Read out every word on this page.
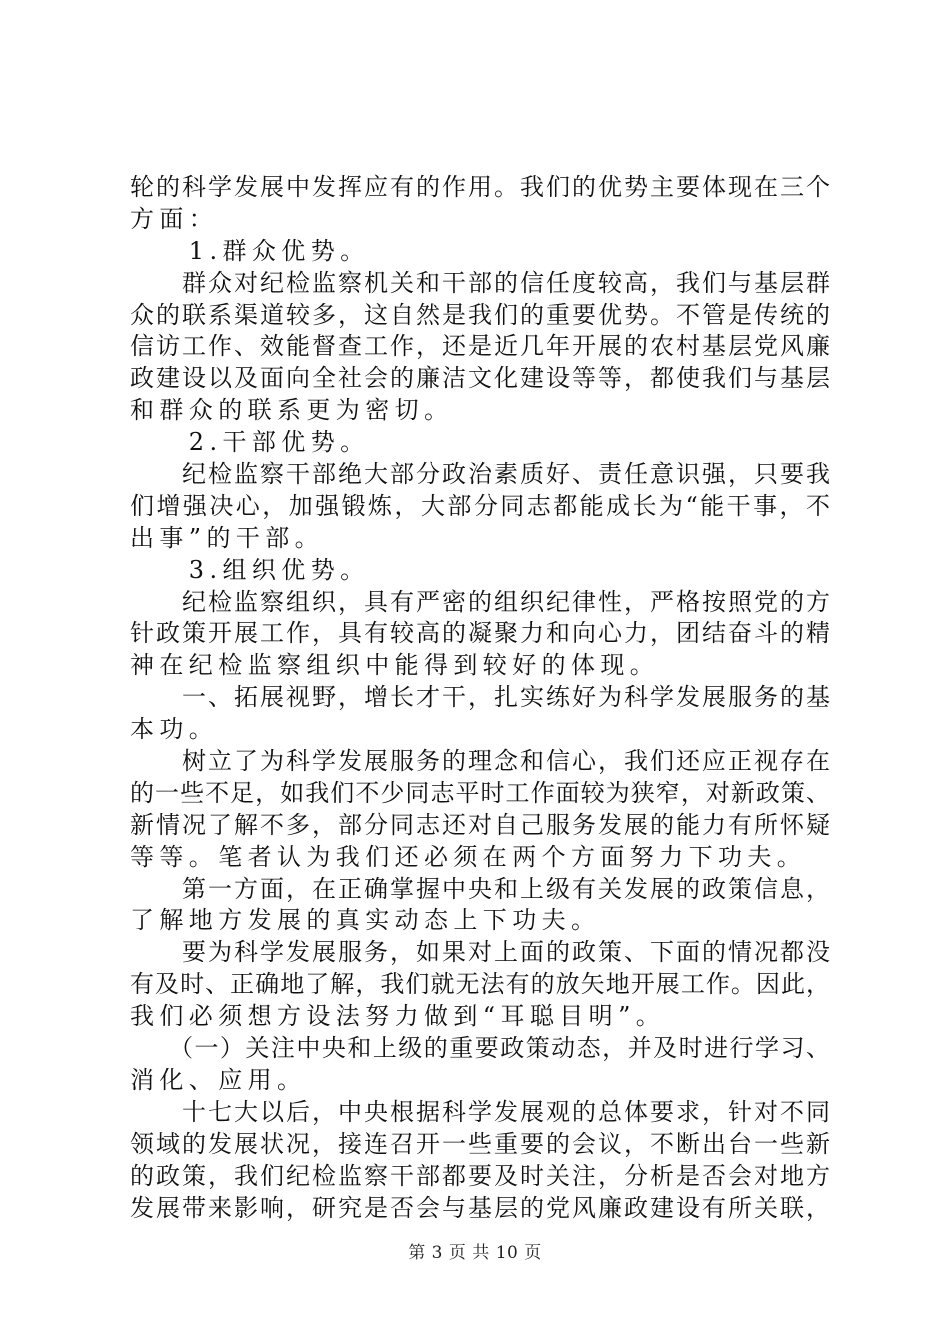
轮的科学发展中发挥应有的作用。我们的优势主要体现在三个
方面：
　　1.群众优势。
　　群众对纪检监察机关和干部的信任度较高，我们与基层群
众的联系渠道较多，这自然是我们的重要优势。不管是传统的
信访工作、效能督查工作，还是近几年开展的农村基层党风廉
政建设以及面向全社会的廉洁文化建设等等，都使我们与基层
和群众的联系更为密切。
　　2.干部优势。
　　纪检监察干部绝大部分政治素质好、责任意识强，只要我
们增强决心，加强锻炼，大部分同志都能成长为“能干事，不
出事”的干部。
　　3.组织优势。
　　纪检监察组织，具有严密的组织纪律性，严格按照党的方
针政策开展工作，具有较高的凝聚力和向心力，团结奋斗的精
神在纪检监察组织中能得到较好的体现。
　　一、拓展视野，增长才干，扎实练好为科学发展服务的基
本功。
　　树立了为科学发展服务的理念和信心，我们还应正视存在
的一些不足，如我们不少同志平时工作面较为狭窄，对新政策、
新情况了解不多，部分同志还对自己服务发展的能力有所怀疑
等等。笔者认为我们还必须在两个方面努力下功夫。
　　第一方面，在正确掌握中央和上级有关发展的政策信息，
了解地方发展的真实动态上下功夫。
　　要为科学发展服务，如果对上面的政策、下面的情况都没
有及时、正确地了解，我们就无法有的放矢地开展工作。因此，
我们必须想方设法努力做到“耳聪目明”。
　　（一）关注中央和上级的重要政策动态，并及时进行学习、
消化、应用。
　　十七大以后，中央根据科学发展观的总体要求，针对不同
领域的发展状况，接连召开一些重要的会议，不断出台一些新
的政策，我们纪检监察干部都要及时关注，分析是否会对地方
发展带来影响，研究是否会与基层的党风廉政建设有所关联，
第 3 页 共 10 页
